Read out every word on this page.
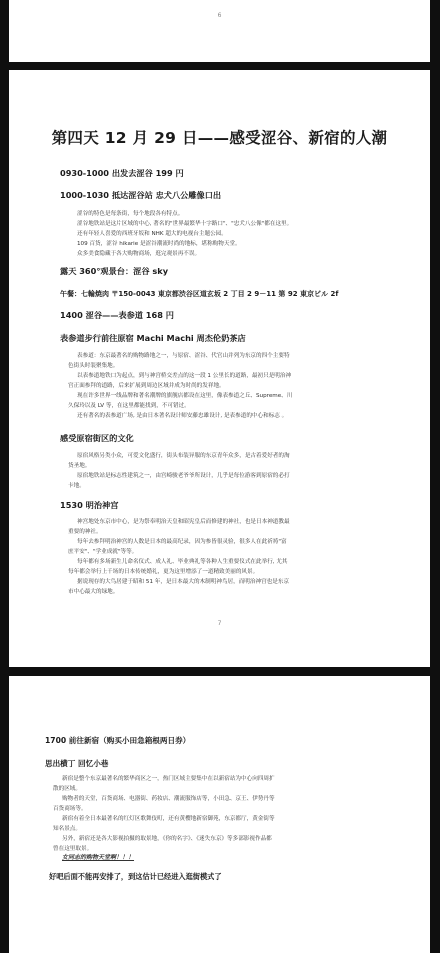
6
第四天 12 月 29 日——感受涩谷、新宿的人潮
0930-1000 出发去涩谷 199 円
1000-1030 抵达涩谷站 忠犬八公雕像口出
涩谷的特色是每条街，每个地段各有特点。
涩谷地铁站是这片区域的中心, 著名的"世界最繁华十字路口"、"忠犬八公像"都在这里。
还有年轻人喜爱的西班牙坂和 NHK 超大的电视台主题公园。
109 百货，涩谷 hikarie 是涩谷潮流时尚的地标，堪称购物天堂。
众多美食隐藏于各大购物商场，逛完观景再不误。
露天 360°观景台：涩谷 sky
午餐：七輪焼肉 〒150-0043 東京都渋谷区道玄坂 2 丁目 2 9－11 第 92 東京ビル 2f
1400 涩谷——表参道 168 円
表参道步行前往原宿 Machi Machi 周杰伦奶茶店
表参道：东京最著名的购物路地之一，与原宿、涩谷、代官山并列为东京的四个主要特
色街头时装聚集地。
以表参道地铁口为起点，到与神宫桥交差点的这一段 1 公里长的道路，最初只是明治神
宫正面参拜的道路，后来扩展到周边区域并成为时尚的发祥地。
现在许多世界一线品牌和著名潮牌的旗舰店都设在这里，像表参道之丘、Supreme、川
久保玲以及 LV 等，在这里都能找到，不可错过。
还有著名的表参道广场, 是由日本著名设计师安藤忠雄设计, 是表参道的中心和标志 。
感受原宿街区的文化
原宿风格另类小众，可爱文化盛行，街头布装异服的东京青年众多，是古着爱好者的淘
货圣地。
原宿地铁站是标志性建筑之一，由宫崎骏老爷爷所设计，几乎是每位游客到原宿的必打
卡地。
1530 明治神宫
神宫地处东京市中心，是为祭奉明治天皇和昭宪皇后而修建的神社，也是日本神道教最
重要的神社。
每年去参拜明治神宫的人数是日本的最高纪录，因为参皆很灵验，很多人在此祈祷"富
庶平安"、"学业成就"等等。
每年都有多场新生儿命名仪式、成人礼、毕业典礼等各种人生重要仪式在此举行, 尤其
每年都会举行上千场的日本传统婚礼，更为这里增添了一道精致美丽的风景。
据说现存的大鸟居建于昭和 51 年，是日本最大的木制明神鸟居，而明治神宫也是东京
市中心最大的绿地。
7
1700 前往新宿（购买小田急箱根两日券）
思出横丁 回忆小巷
新宿是整个东京最著名的繁华商区之一，热门区域主要集中在以新宿站为中心向四周扩
散的区域。
购物者的天堂，百货商场、电器街、药妆店、潮流服饰店等，小田急、京王、伊势丹等
百货商场等。
新宿有着全日本最著名的红灯区歌舞伎町，还有黄樱地新宿御苑，东京都厅，黄金街等
知名景点。
另外，新宿还是各大影视拍摄的取景地，《你的名字》、《迷失东京》等多部影视作品都
曾在这里取景。
女同志的购物天堂啊！！！
好吧后面不能再安排了，到这估计已经进入逛街模式了
